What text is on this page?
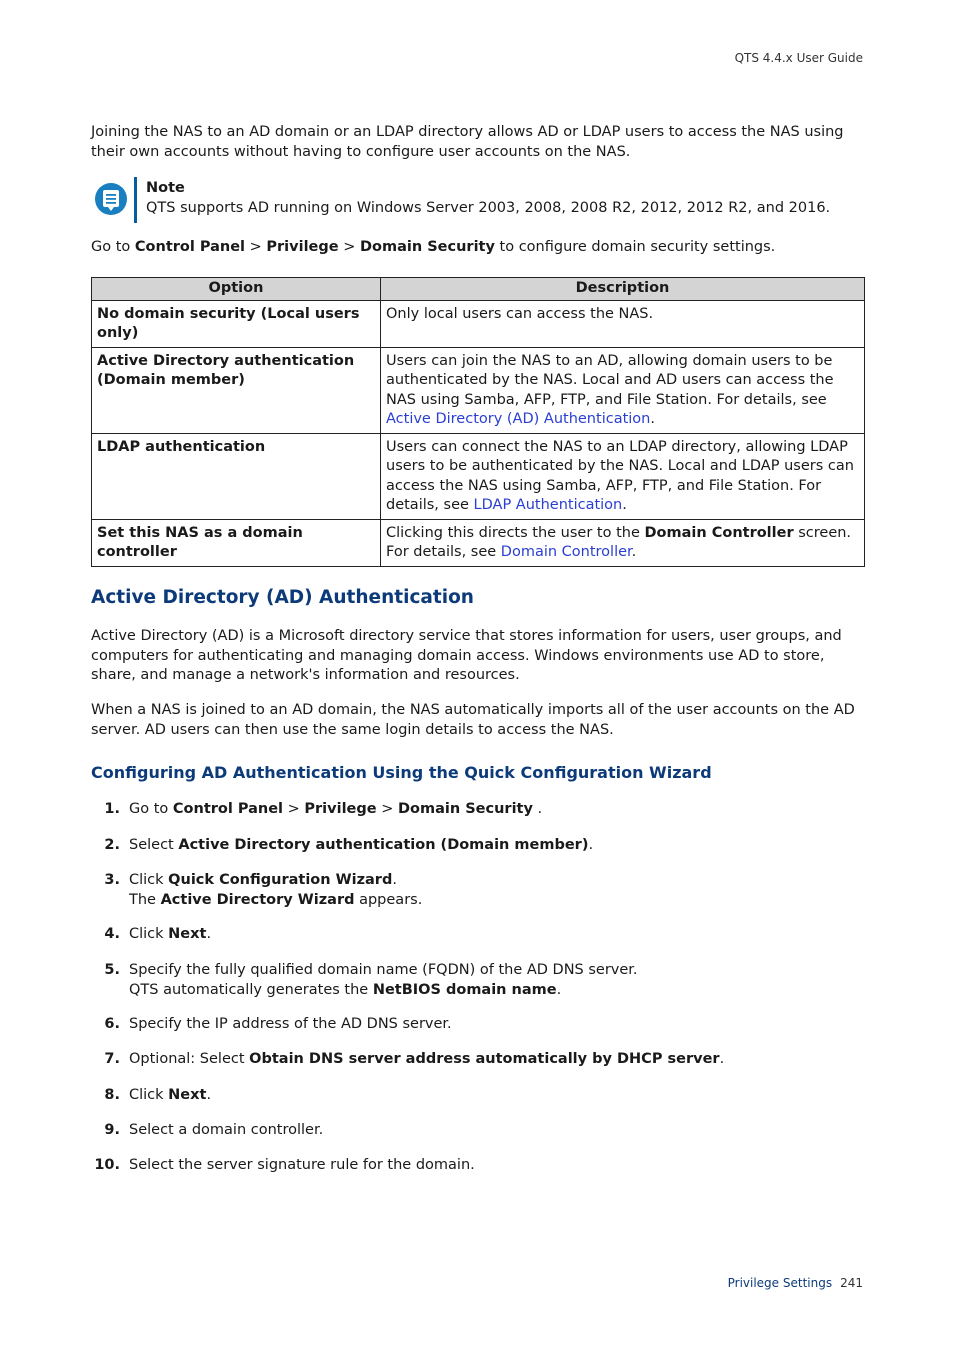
QTS 4.4.x User Guide

Joining the NAS to an AD domain or an LDAP directory allows AD or LDAP users to access the NAS using their own accounts without having to configure user accounts on the NAS.

Note
QTS supports AD running on Windows Server 2003, 2008, 2008 R2, 2012, 2012 R2, and 2016.

Go to Control Panel > Privilege > Domain Security to configure domain security settings.

Option	Description
No domain security (Local users only)	Only local users can access the NAS.
Active Directory authentication (Domain member)	Users can join the NAS to an AD, allowing domain users to be authenticated by the NAS. Local and AD users can access the NAS using Samba, AFP, FTP, and File Station. For details, see Active Directory (AD) Authentication.
LDAP authentication	Users can connect the NAS to an LDAP directory, allowing LDAP users to be authenticated by the NAS. Local and LDAP users can access the NAS using Samba, AFP, FTP, and File Station. For details, see LDAP Authentication.
Set this NAS as a domain controller	Clicking this directs the user to the Domain Controller screen. For details, see Domain Controller.
Active Directory (AD) Authentication

Active Directory (AD) is a Microsoft directory service that stores information for users, user groups, and computers for authenticating and managing domain access. Windows environments use AD to store, share, and manage a network's information and resources.

When a NAS is joined to an AD domain, the NAS automatically imports all of the user accounts on the AD server. AD users can then use the same login details to access the NAS.

Configuring AD Authentication Using the Quick Configuration Wizard
1. Go to Control Panel > Privilege > Domain Security .
2. Select Active Directory authentication (Domain member).
3. Click Quick Configuration Wizard.
The Active Directory Wizard appears.
4. Click Next.
5. Specify the fully qualified domain name (FQDN) of the AD DNS server.
QTS automatically generates the NetBIOS domain name.
6. Specify the IP address of the AD DNS server.
7. Optional: Select Obtain DNS server address automatically by DHCP server.
8. Click Next.
9. Select a domain controller.
10. Select the server signature rule for the domain.
Privilege Settings 241
